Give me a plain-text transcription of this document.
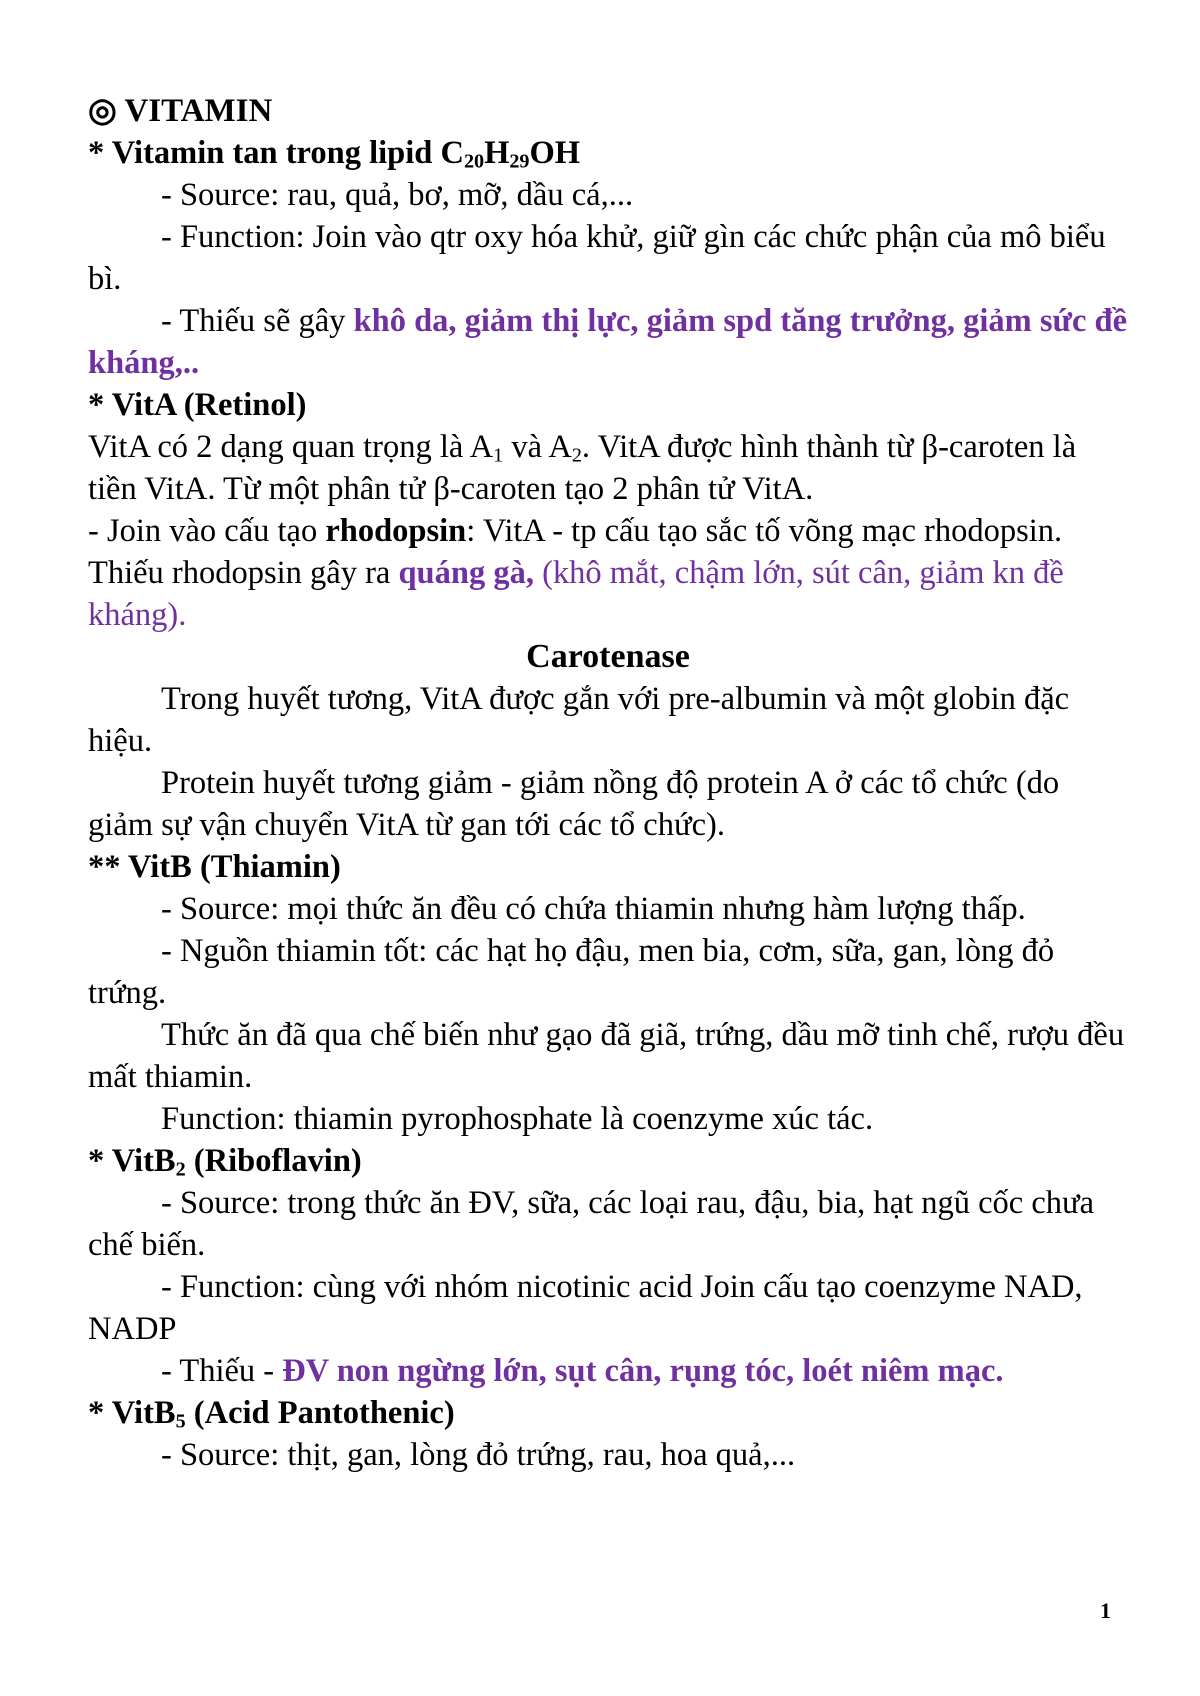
◎ VITAMIN

* Vitamin tan trong lipid $C_{20}H_{29}OH$

- Source: rau, quả, bơ, mỡ, dầu cá,...

- Function: Join vào qtr oxy hóa khử, giữ gìn các chức phận của mô biểu bì.

- Thiếu sẽ gây khô da, giảm thị lực, giảm spd tăng trưởng, giảm sức đề kháng,..

* VitA (Retinol)

VitA có 2 dạng quan trọng là $A_1$ và $A_2$. VitA được hình thành từ β-caroten là tiền VitA. Từ một phân tử β-caroten tạo 2 phân tử VitA.

- Join vào cấu tạo rhodopsin: VitA - tp cấu tạo sắc tố võng mạc rhodopsin.

Thiếu rhodopsin gây ra quáng gà, (khô mắt, chậm lớn, sút cân, giảm kn đề kháng).

Carotenase

Trong huyết tương, VitA được gắn với pre-albumin và một globin đặc hiệu.

Protein huyết tương giảm - giảm nồng độ protein A ở các tổ chức (do giảm sự vận chuyển VitA từ gan tới các tổ chức).

** VitB (Thiamin)

- Source: mọi thức ăn đều có chứa thiamin nhưng hàm lượng thấp.

- Nguồn thiamin tốt: các hạt họ đậu, men bia, cơm, sữa, gan, lòng đỏ trứng.

Thức ăn đã qua chế biến như gạo đã giã, trứng, dầu mỡ tinh chế, rượu đều mất thiamin.

Function: thiamin pyrophosphate là coenzyme xúc tác.

* VitB$_2$ (Riboflavin)

- Source: trong thức ăn ĐV, sữa, các loại rau, đậu, bia, hạt ngũ cốc chưa chế biến.

- Function: cùng với nhóm nicotinic acid Join cấu tạo coenzyme NAD, NADP

- Thiếu - ĐV non ngừng lớn, sụt cân, rụng tóc, loét niêm mạc.

* VitB$_5$ (Acid Pantothenic)

- Source: thịt, gan, lòng đỏ trứng, rau, hoa quả,...

1
